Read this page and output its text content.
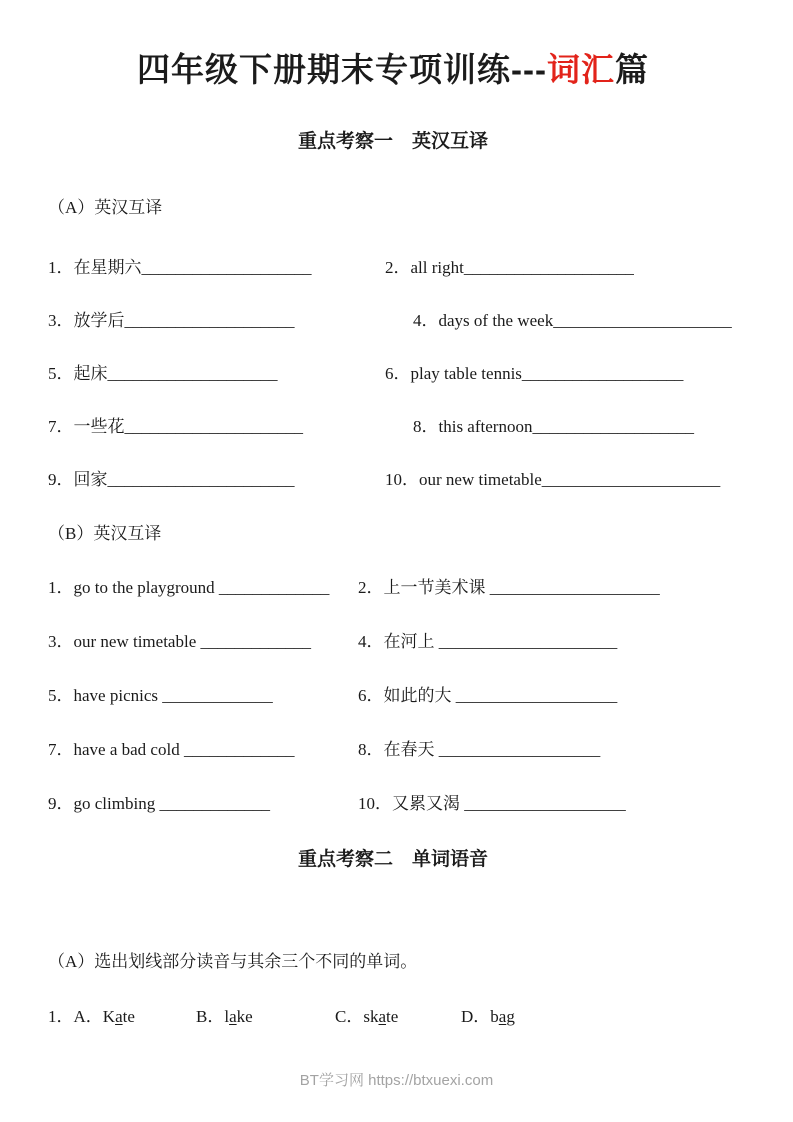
四年级下册期末专项训练---词汇篇
重点考察一　英汉互译
（A）英汉互译
1．在星期六____________________	2．all right____________________
3．放学后____________________	4．days of the week_____________________
5．起床____________________	6．play table tennis___________________
7．一些花_____________________	8．this afternoon___________________
9．回家______________________	10．our new timetable_____________________
（B）英汉互译
1．go to the playground _____________	2．上一节美术课 ____________________
3．our new timetable _____________	4．在河上 _____________________
5．have picnics _____________	6．如此的大 ___________________
7．have a bad cold _____________	8．在春天 ___________________
9．go climbing _____________	10．又累又渴 ___________________
重点考察二　单词语音
（A）选出划线部分读音与其余三个不同的单词。
1．A．Kate	B．lake	C．skate	D．bag
BT学习网 https://btxuexi.com
